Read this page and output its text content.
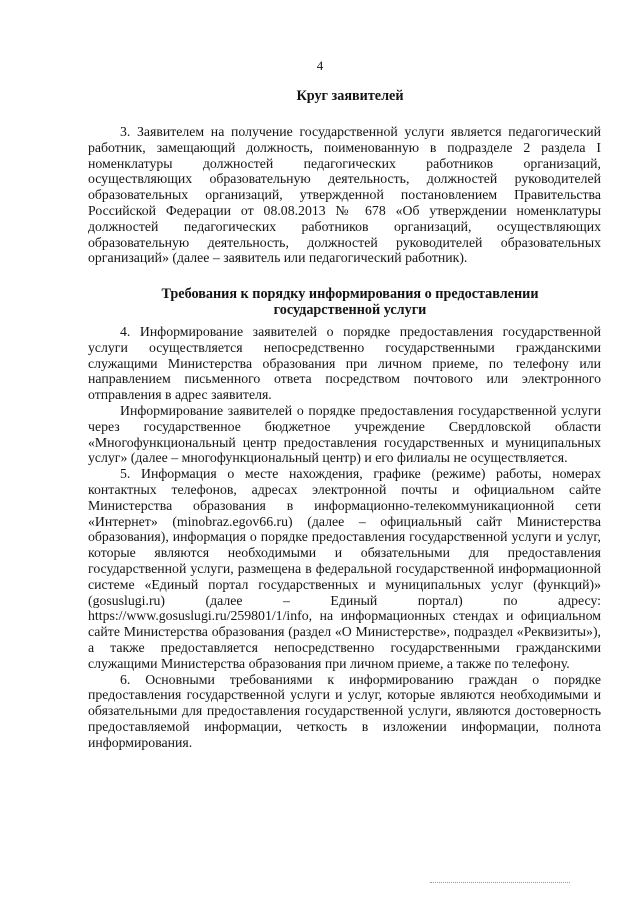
4
Круг заявителей

3. Заявителем на получение государственной услуги является педагогический работник, замещающий должность, поименованную в подразделе 2 раздела I номенклатуры должностей педагогических работников организаций, осуществляющих образовательную деятельность, должностей руководителей образовательных организаций, утвержденной постановлением Правительства Российской Федерации от 08.08.2013 № 678 «Об утверждении номенклатуры должностей педагогических работников организаций, осуществляющих образовательную деятельность, должностей руководителей образовательных организаций» (далее – заявитель или педагогический работник).

Требования к порядку информирования о предоставлении
государственной услуги

4. Информирование заявителей о порядке предоставления государственной услуги осуществляется непосредственно государственными гражданскими служащими Министерства образования при личном приеме, по телефону или направлением письменного ответа посредством почтового или электронного отправления в адрес заявителя.

Информирование заявителей о порядке предоставления государственной услуги через государственное бюджетное учреждение Свердловской области «Многофункциональный центр предоставления государственных и муниципальных услуг» (далее – многофункциональный центр) и его филиалы не осуществляется.

5. Информация о месте нахождения, графике (режиме) работы, номерах контактных телефонов, адресах электронной почты и официальном сайте Министерства образования в информационно-телекоммуникационной сети «Интернет» (minobraz.egov66.ru) (далее – официальный сайт Министерства образования), информация о порядке предоставления государственной услуги и услуг, которые являются необходимыми и обязательными для предоставления государственной услуги, размещена в федеральной государственной информационной системе «Единый портал государственных и муниципальных услуг (функций)» (gosuslugi.ru) (далее – Единый портал) по адресу: https://www.gosuslugi.ru/259801/1/info, на информационных стендах и официальном сайте Министерства образования (раздел «О Министерстве», подраздел «Реквизиты»), а также предоставляется непосредственно государственными гражданскими служащими Министерства образования при личном приеме, а также по телефону.

6. Основными требованиями к информированию граждан о порядке предоставления государственной услуги и услуг, которые являются необходимыми и обязательными для предоставления государственной услуги, являются достоверность предоставляемой информации, четкость в изложении информации, полнота информирования.
